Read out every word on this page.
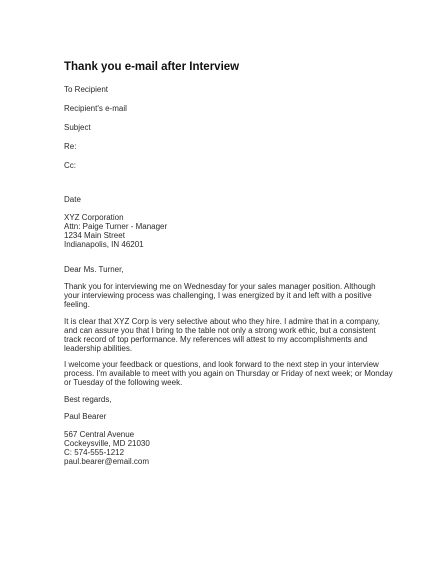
Thank you e-mail after Interview
To Recipient
Recipient's e-mail
Subject
Re:
Cc:
Date
XYZ Corporation
Attn: Paige Turner - Manager
1234 Main Street
Indianapolis, IN 46201
Dear Ms. Turner,
Thank you for interviewing me on Wednesday for your sales manager position. Although
your interviewing process was challenging, I was energized by it and left with a positive
feeling.
It is clear that XYZ Corp is very selective about who they hire. I admire that in a company,
and can assure you that I bring to the table not only a strong work ethic, but a consistent
track record of top performance. My references will attest to my accomplishments and
leadership abilities.
I welcome your feedback or questions, and look forward to the next step in your interview
process. I'm available to meet with you again on Thursday or Friday of next week; or Monday
or Tuesday of the following week.
Best regards,
Paul Bearer
567 Central Avenue
Cockeysville, MD 21030
C: 574-555-1212
paul.bearer@email.com
